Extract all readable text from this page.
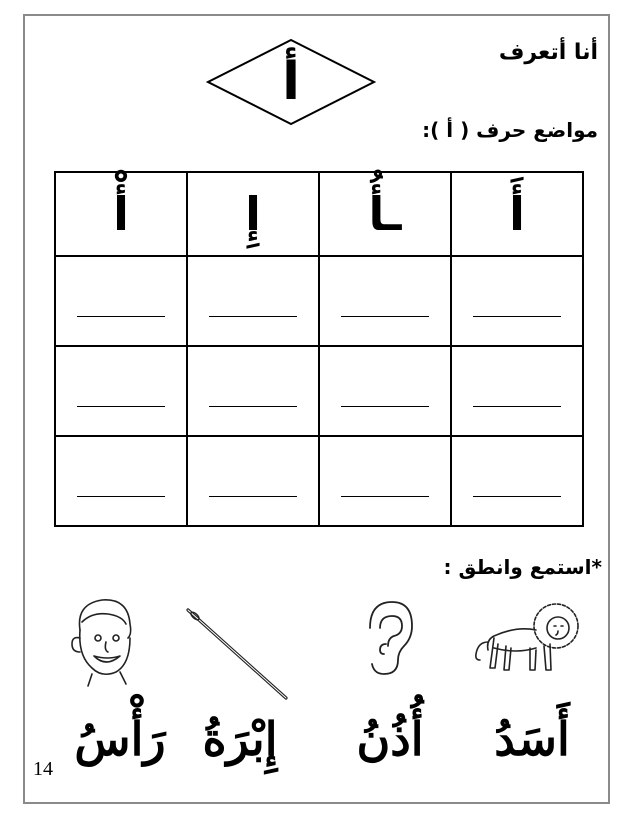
أ	أنا أتعرف
مواضع حرف ( أ ):
أَ	ـأُ	إِ	أْ

*استمع وانطق :
أَسَدُ
أُذُنُ
إِبْرَةُ
رَأْسُ
14
